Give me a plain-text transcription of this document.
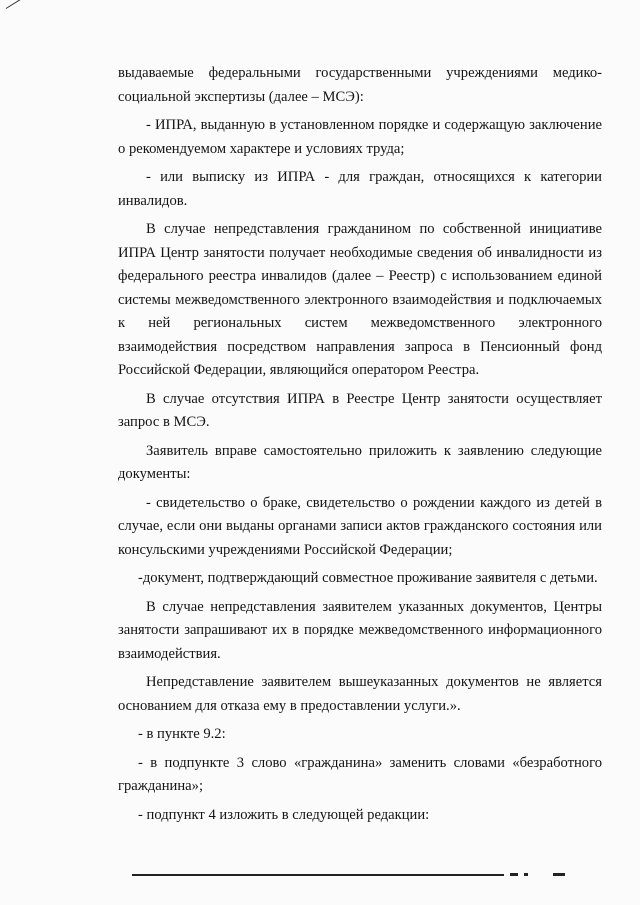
выдаваемые федеральными государственными учреждениями медико-социальной экспертизы (далее – МСЭ):

- ИПРА, выданную в установленном порядке и содержащую заключение о рекомендуемом характере и условиях труда;

- или выписку из ИПРА - для граждан, относящихся к категории инвалидов.

В случае непредставления гражданином по собственной инициативе ИПРА Центр занятости получает необходимые сведения об инвалидности из федерального реестра инвалидов (далее – Реестр) с использованием единой системы межведомственного электронного взаимодействия и подключаемых к ней региональных систем межведомственного электронного взаимодействия посредством направления запроса в Пенсионный фонд Российской Федерации, являющийся оператором Реестра.

В случае отсутствия ИПРА в Реестре Центр занятости осуществляет запрос в МСЭ.

Заявитель вправе самостоятельно приложить к заявлению следующие документы:

- свидетельство о браке, свидетельство о рождении каждого из детей в случае, если они выданы органами записи актов гражданского состояния или консульскими учреждениями Российской Федерации;

-документ, подтверждающий совместное проживание заявителя с детьми.

В случае непредставления заявителем указанных документов, Центры занятости запрашивают их в порядке межведомственного информационного взаимодействия.

Непредставление заявителем вышеуказанных документов не является основанием для отказа ему в предоставлении услуги.».

- в пункте 9.2:

- в подпункте 3 слово «гражданина» заменить словами «безработного гражданина»;

- подпункт 4 изложить в следующей редакции:
